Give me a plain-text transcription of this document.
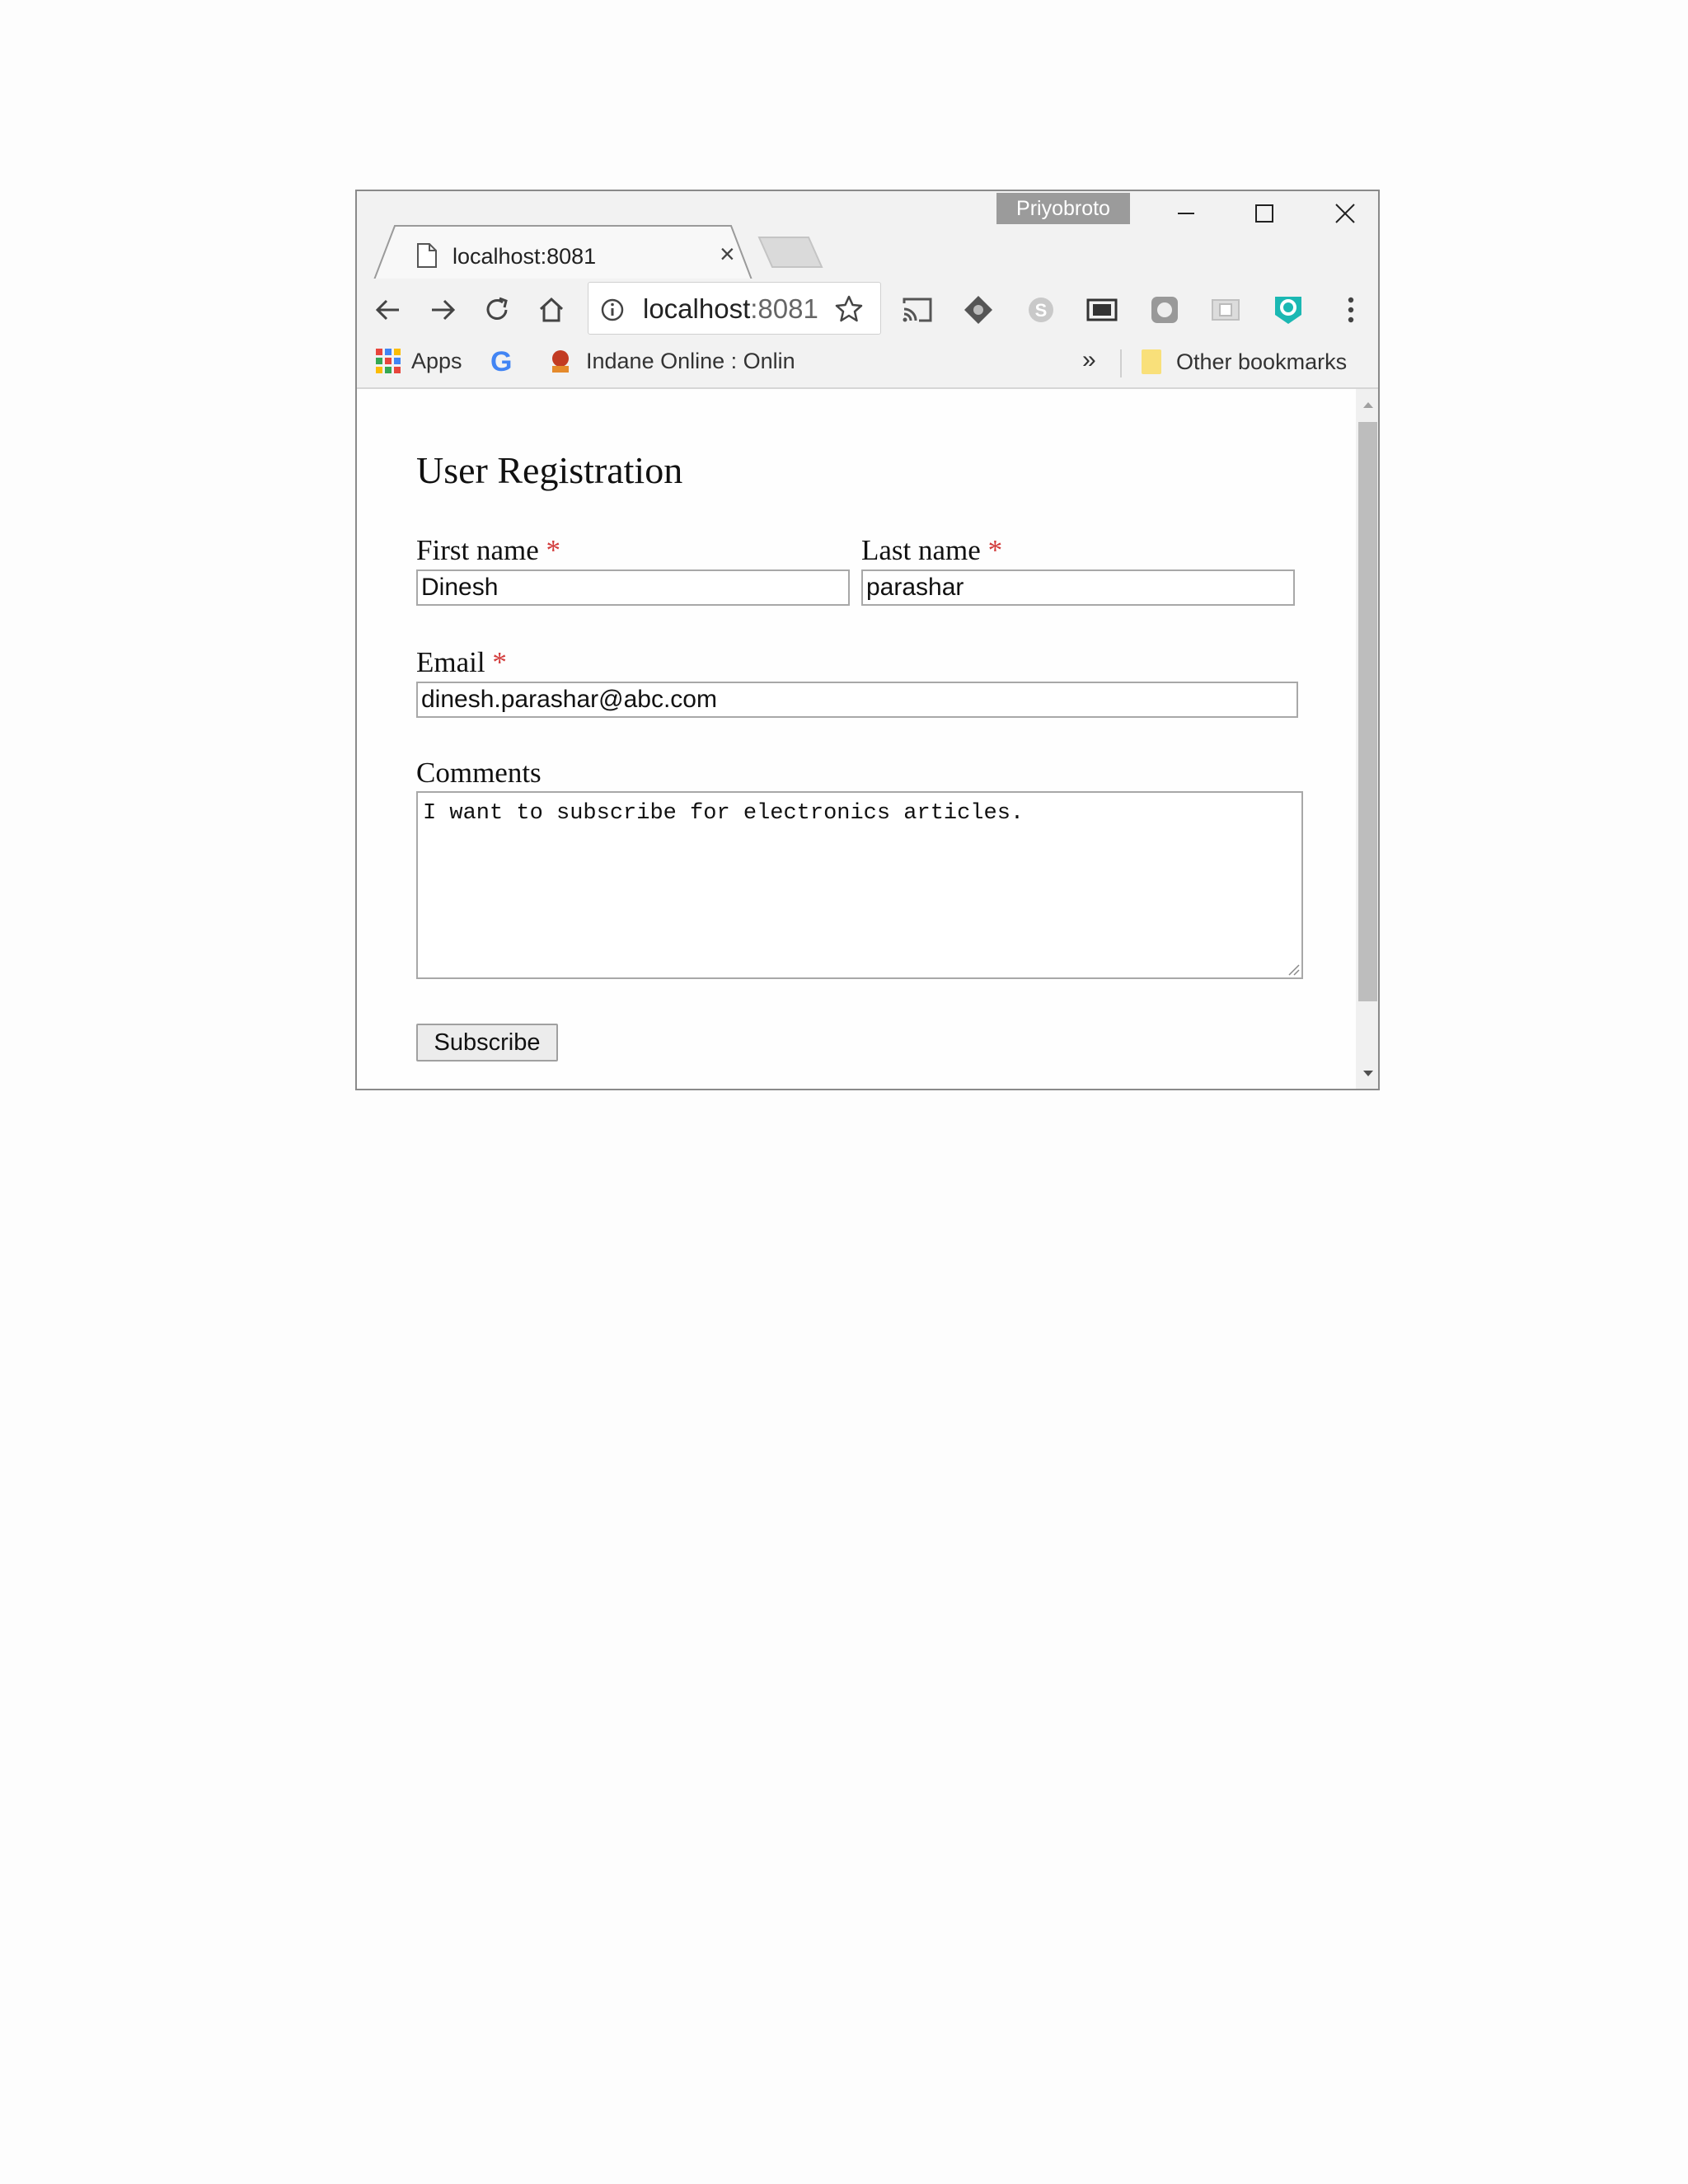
Priyobroto
localhost:8081	×
localhost:8081	S
Apps G	Indane Online : Onlin	»	Other bookmarks
User Registration
First name *
Dinesh
Last name *
parashar
Email *
dinesh.parashar@abc.com
Comments
I want to subscribe for electronics articles.
Subscribe
